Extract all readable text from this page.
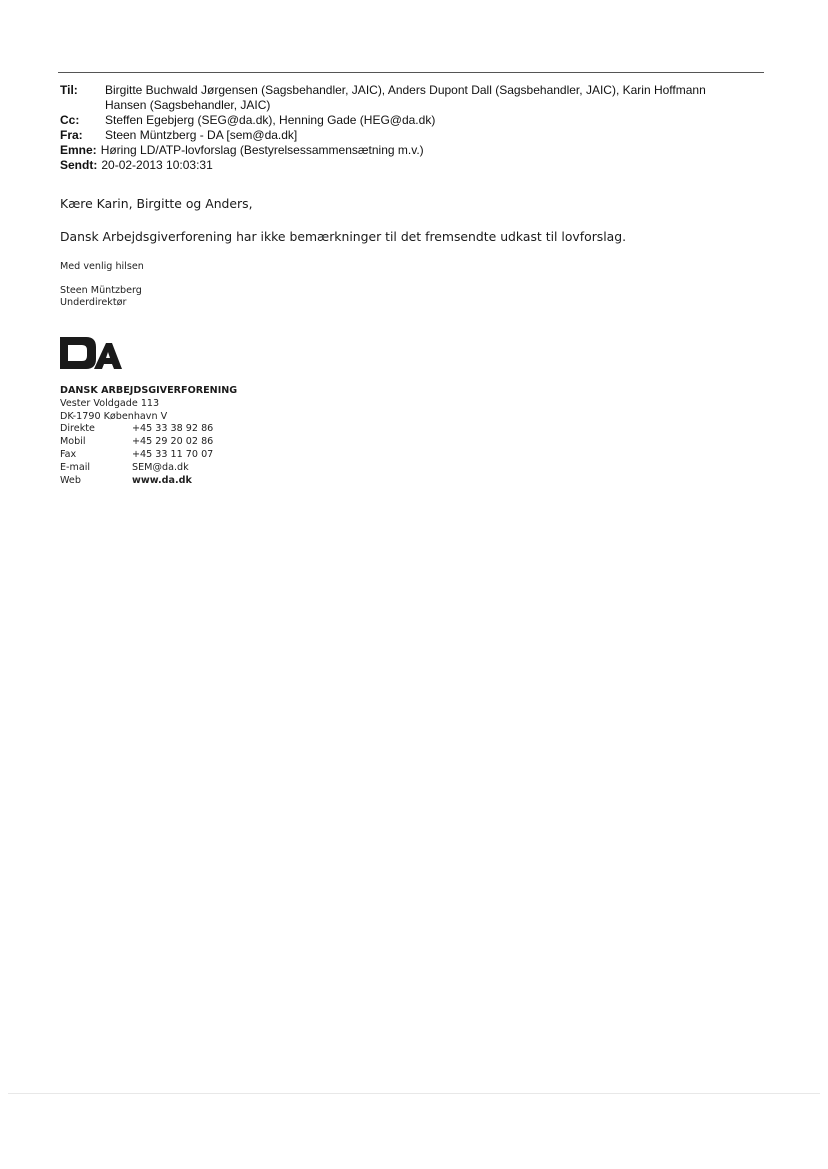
Til:	Birgitte Buchwald Jørgensen (Sagsbehandler, JAIC), Anders Dupont Dall (Sagsbehandler, JAIC), Karin Hoffmann
Hansen (Sagsbehandler, JAIC)
Cc:	Steffen Egebjerg (SEG@da.dk), Henning Gade (HEG@da.dk)
Fra:	Steen Müntzberg - DA [sem@da.dk]
Emne: Høring LD/ATP-lovforslag (Bestyrelsessammensætning m.v.)
Sendt: 20-02-2013 10:03:31
Kære Karin, Birgitte og Anders,
Dansk Arbejdsgiverforening har ikke bemærkninger til det fremsendte udkast til lovforslag.
Med venlig hilsen
Steen Müntzberg
Underdirektør
DANSK ARBEJDSGIVERFORENING
Vester Voldgade 113
DK-1790 København V
Direkte	+45 33 38 92 86
Mobil	+45 29 20 02 86
Fax	+45 33 11 70 07
E-mail	SEM@da.dk
Web	www.da.dk
